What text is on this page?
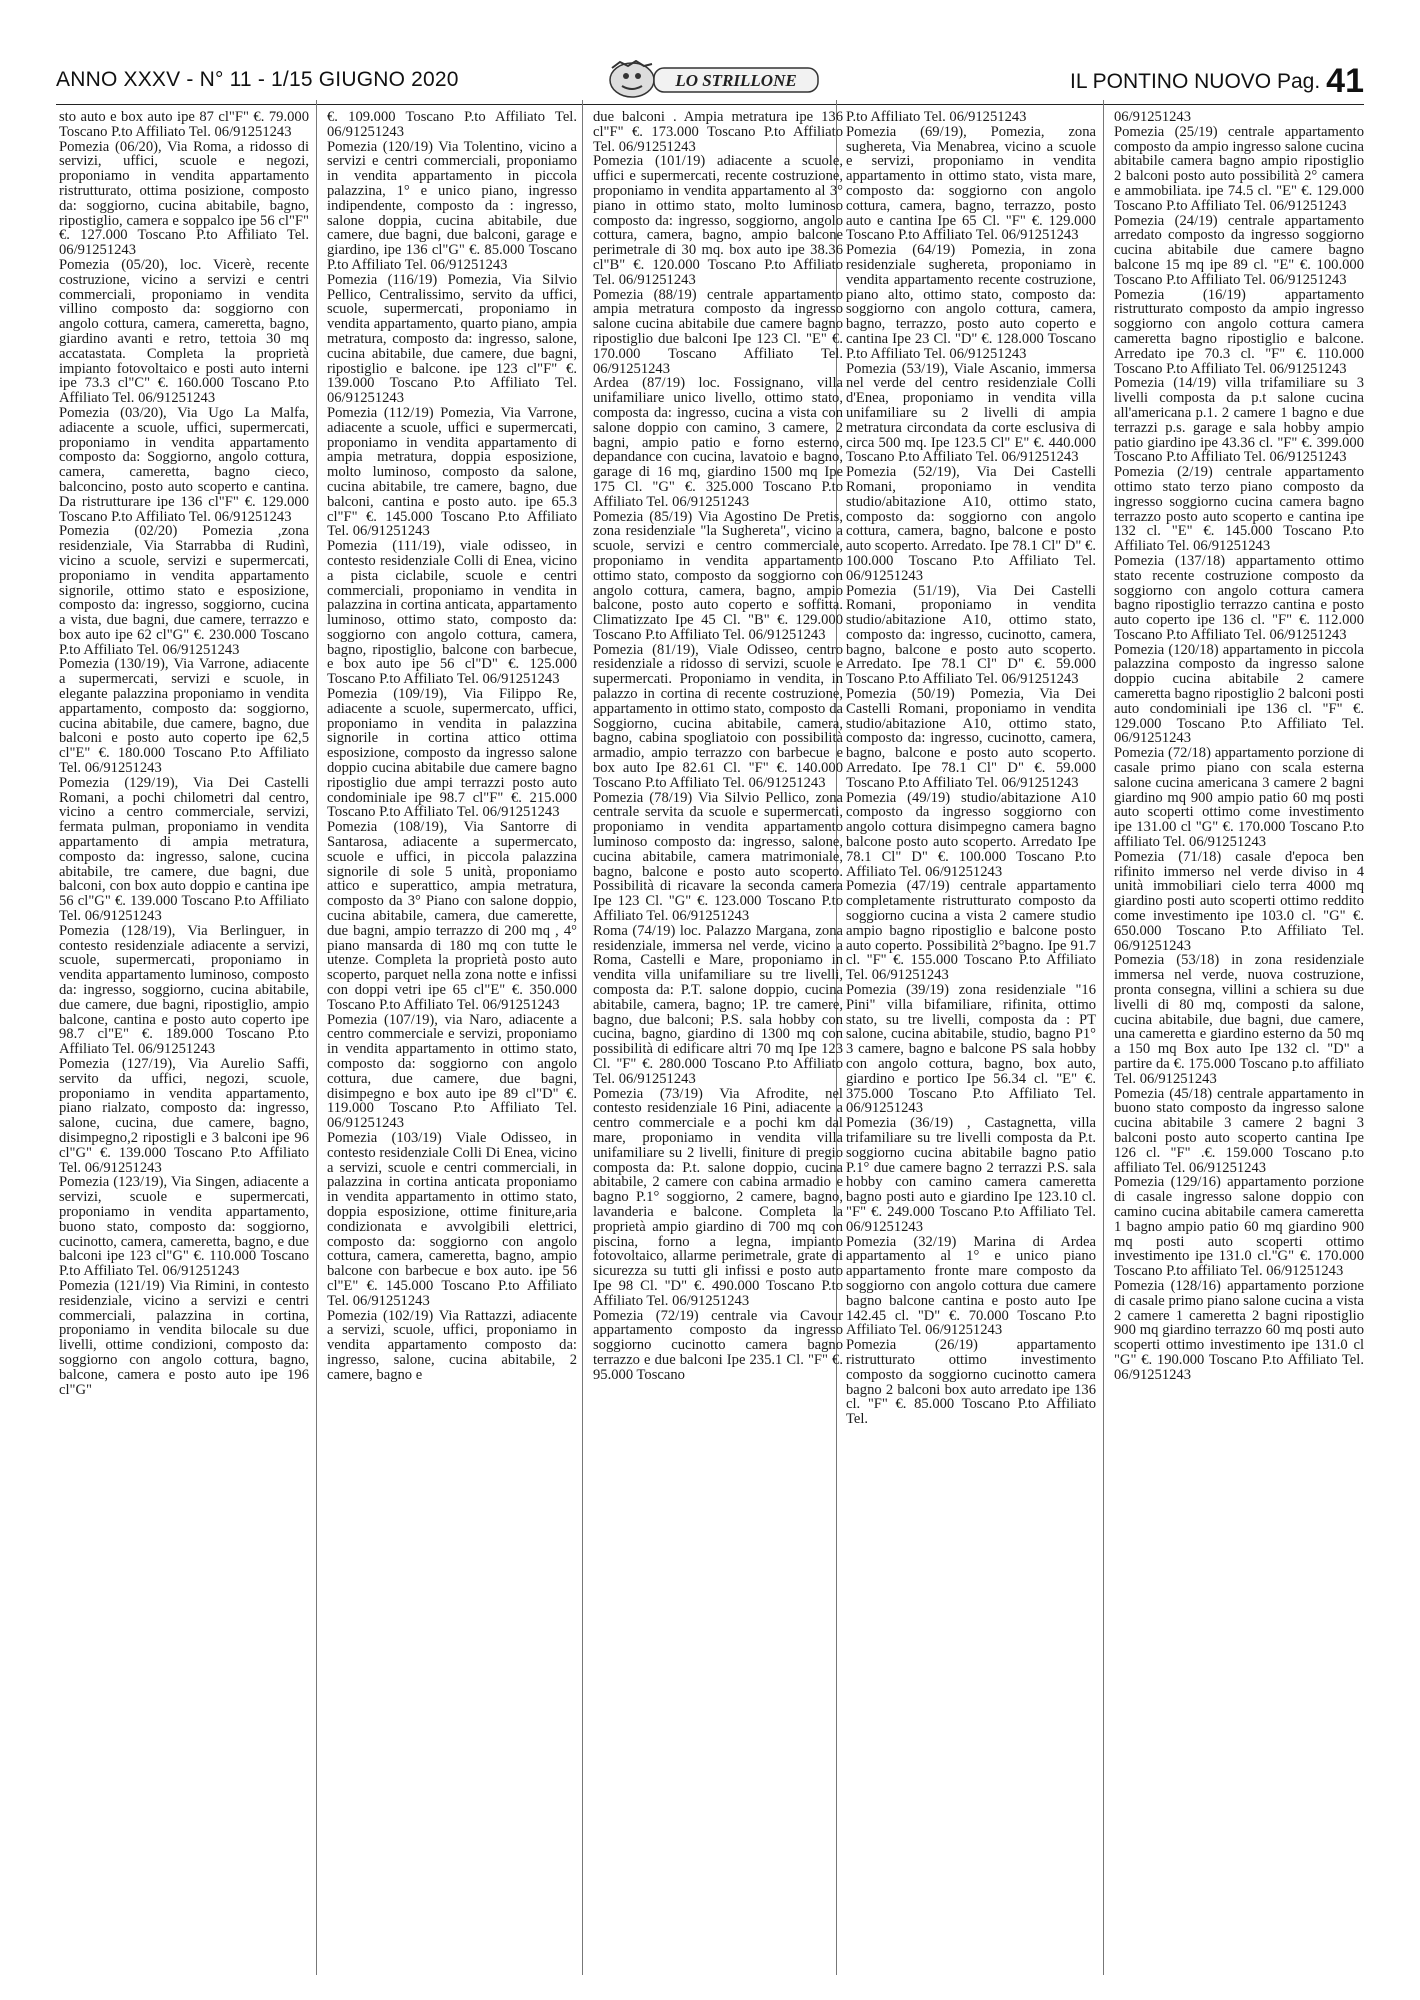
ANNO XXXV - N° 11 - 1/15 GIUGNO 2020	LO STRILLONE	IL PONTINO NUOVO Pag. 41

sto auto e box auto ipe 87 cl"F" €. 79.000 Toscano P.to Affiliato Tel. 06/91251243

Pomezia (06/20), Via Roma, a ridosso di servizi, uffici, scuole e negozi, proponiamo in vendita appartamento ristrutturato, ottima posizione, composto da: soggiorno, cucina abitabile, bagno, ripostiglio, camera e soppalco ipe 56 cl"F" €. 127.000 Toscano P.to Affiliato Tel. 06/91251243

Pomezia (05/20), loc. Vicerè, recente costruzione, vicino a servizi e centri commerciali, proponiamo in vendita villino composto da: soggiorno con angolo cottura, camera, cameretta, bagno, giardino avanti e retro, tettoia 30 mq accatastata. Completa la proprietà impianto fotovoltaico e posti auto interni ipe 73.3 cl"C" €. 160.000 Toscano P.to Affiliato Tel. 06/91251243

Pomezia (03/20), Via Ugo La Malfa, adiacente a scuole, uffici, supermercati, proponiamo in vendita appartamento composto da: Soggiorno, angolo cottura, camera, cameretta, bagno cieco, balconcino, posto auto scoperto e cantina. Da ristrutturare ipe 136 cl"F" €. 129.000 Toscano P.to Affiliato Tel. 06/91251243

Pomezia (02/20) Pomezia ,zona residenziale, Via Starrabba di Rudinì, vicino a scuole, servizi e supermercati, proponiamo in vendita appartamento signorile, ottimo stato e esposizione, composto da: ingresso, soggiorno, cucina a vista, due bagni, due camere, terrazzo e box auto ipe 62 cl"G" €. 230.000 Toscano P.to Affiliato Tel. 06/91251243

Pomezia (130/19), Via Varrone, adiacente a supermercati, servizi e scuole, in elegante palazzina proponiamo in vendita appartamento, composto da: soggiorno, cucina abitabile, due camere, bagno, due balconi e posto auto coperto ipe 62,5 cl"E" €. 180.000 Toscano P.to Affiliato Tel. 06/91251243

Pomezia (129/19), Via Dei Castelli Romani, a pochi chilometri dal centro, vicino a centro commerciale, servizi, fermata pulman, proponiamo in vendita appartamento di ampia metratura, composto da: ingresso, salone, cucina abitabile, tre camere, due bagni, due balconi, con box auto doppio e cantina ipe 56 cl"G" €. 139.000 Toscano P.to Affiliato Tel. 06/91251243

Pomezia (128/19), Via Berlinguer, in contesto residenziale adiacente a servizi, scuole, supermercati, proponiamo in vendita appartamento luminoso, composto da: ingresso, soggiorno, cucina abitabile, due camere, due bagni, ripostiglio, ampio balcone, cantina e posto auto coperto ipe 98.7 cl"E" €. 189.000 Toscano P.to Affiliato Tel. 06/91251243

Pomezia (127/19), Via Aurelio Saffi, servito da uffici, negozi, scuole, proponiamo in vendita appartamento, piano rialzato, composto da: ingresso, salone, cucina, due camere, bagno, disimpegno,2 ripostigli e 3 balconi ipe 96 cl"G" €. 139.000 Toscano P.to Affiliato Tel. 06/91251243

Pomezia (123/19), Via Singen, adiacente a servizi, scuole e supermercati, proponiamo in vendita appartamento, buono stato, composto da: soggiorno, cucinotto, camera, cameretta, bagno, e due balconi ipe 123 cl"G" €. 110.000 Toscano P.to Affiliato Tel. 06/91251243

Pomezia (121/19) Via Rimini, in contesto residenziale, vicino a servizi e centri commerciali, palazzina in cortina, proponiamo in vendita bilocale su due livelli, ottime condizioni, composto da: soggiorno con angolo cottura, bagno, balcone, camera e posto auto ipe 196 cl"G"

€. 109.000 Toscano P.to Affiliato Tel. 06/91251243

Pomezia (120/19) Via Tolentino, vicino a servizi e centri commerciali, proponiamo in vendita appartamento in piccola palazzina, 1° e unico piano, ingresso indipendente, composto da : ingresso, salone doppia, cucina abitabile, due camere, due bagni, due balconi, garage e giardino, ipe 136 cl"G" €. 85.000 Toscano P.to Affiliato Tel. 06/91251243

Pomezia (116/19) Pomezia, Via Silvio Pellico, Centralissimo, servito da uffici, scuole, supermercati, proponiamo in vendita appartamento, quarto piano, ampia metratura, composto da: ingresso, salone, cucina abitabile, due camere, due bagni, ripostiglio e balcone. ipe 123 cl"F" €. 139.000 Toscano P.to Affiliato Tel. 06/91251243

Pomezia (112/19) Pomezia, Via Varrone, adiacente a scuole, uffici e supermercati, proponiamo in vendita appartamento di ampia metratura, doppia esposizione, molto luminoso, composto da salone, cucina abitabile, tre camere, bagno, due balconi, cantina e posto auto. ipe 65.3 cl"F" €. 145.000 Toscano P.to Affiliato Tel. 06/91251243

Pomezia (111/19), viale odisseo, in contesto residenziale Colli di Enea, vicino a pista ciclabile, scuole e centri commerciali, proponiamo in vendita in palazzina in cortina anticata, appartamento luminoso, ottimo stato, composto da: soggiorno con angolo cottura, camera, bagno, ripostiglio, balcone con barbecue, e box auto ipe 56 cl"D" €. 125.000 Toscano P.to Affiliato Tel. 06/91251243

Pomezia (109/19), Via Filippo Re, adiacente a scuole, supermercato, uffici, proponiamo in vendita in palazzina signorile in cortina attico ottima esposizione, composto da ingresso salone doppio cucina abitabile due camere bagno ripostiglio due ampi terrazzi posto auto condominiale ipe 98.7 cl"F" €. 215.000 Toscano P.to Affiliato Tel. 06/91251243

Pomezia (108/19), Via Santorre di Santarosa, adiacente a supermercato, scuole e uffici, in piccola palazzina signorile di sole 5 unità, proponiamo attico e superattico, ampia metratura, composto da 3° Piano con salone doppio, cucina abitabile, camera, due camerette, due bagni, ampio terrazzo di 200 mq , 4° piano mansarda di 180 mq con tutte le utenze. Completa la proprietà posto auto scoperto, parquet nella zona notte e infissi con doppi vetri ipe 65 cl"E" €. 350.000 Toscano P.to Affiliato Tel. 06/91251243

Pomezia (107/19), via Naro, adiacente a centro commerciale e servizi, proponiamo in vendita appartamento in ottimo stato, composto da: soggiorno con angolo cottura, due camere, due bagni, disimpegno e box auto ipe 89 cl"D" €. 119.000 Toscano P.to Affiliato Tel. 06/91251243

Pomezia (103/19) Viale Odisseo, in contesto residenziale Colli Di Enea, vicino a servizi, scuole e centri commerciali, in palazzina in cortina anticata proponiamo in vendita appartamento in ottimo stato, doppia esposizione, ottime finiture,aria condizionata e avvolgibili elettrici, composto da: soggiorno con angolo cottura, camera, cameretta, bagno, ampio balcone con barbecue e box auto. ipe 56 cl"E" €. 145.000 Toscano P.to Affiliato Tel. 06/91251243

Pomezia (102/19) Via Rattazzi, adiacente a servizi, scuole, uffici, proponiamo in vendita appartamento composto da: ingresso, salone, cucina abitabile, 2 camere, bagno e

due balconi . Ampia metratura ipe 136 cl"F" €. 173.000 Toscano P.to Affiliato Tel. 06/91251243

Pomezia (101/19) adiacente a scuole, uffici e supermercati, recente costruzione, proponiamo in vendita appartamento al 3° piano in ottimo stato, molto luminoso composto da: ingresso, soggiorno, angolo cottura, camera, bagno, ampio balcone perimetrale di 30 mq. box auto ipe 38.36 cl"B" €. 120.000 Toscano P.to Affiliato Tel. 06/91251243

Pomezia (88/19) centrale appartamento ampia metratura composto da ingresso salone cucina abitabile due camere bagno ripostiglio due balconi Ipe 123 Cl. "E" €. 170.000 Toscano Affiliato Tel. 06/91251243

Ardea (87/19) loc. Fossignano, villa unifamiliare unico livello, ottimo stato, composta da: ingresso, cucina a vista con salone doppio con camino, 3 camere, 2 bagni, ampio patio e forno esterno, depandance con cucina, lavatoio e bagno, garage di 16 mq, giardino 1500 mq Ipe 175 Cl. "G" €. 325.000 Toscano P.to Affiliato Tel. 06/91251243

Pomezia (85/19) Via Agostino De Pretis, zona residenziale "la Sughereta", vicino a scuole, servizi e centro commerciale, proponiamo in vendita appartamento ottimo stato, composto da soggiorno con angolo cottura, camera, bagno, ampio balcone, posto auto coperto e soffitta. Climatizzato Ipe 45 Cl. "B" €. 129.000 Toscano P.to Affiliato Tel. 06/91251243

Pomezia (81/19), Viale Odisseo, centro residenziale a ridosso di servizi, scuole e supermercati. Proponiamo in vendita, in palazzo in cortina di recente costruzione, appartamento in ottimo stato, composto da Soggiorno, cucina abitabile, camera, bagno, cabina spogliatoio con possibilità armadio, ampio terrazzo con barbecue e box auto Ipe 82.61 Cl. "F" €. 140.000 Toscano P.to Affiliato Tel. 06/91251243

Pomezia (78/19) Via Silvio Pellico, zona centrale servita da scuole e supermercati, proponiamo in vendita appartamento luminoso composto da: ingresso, salone, cucina abitabile, camera matrimoniale, bagno, balcone e posto auto scoperto. Possibilità di ricavare la seconda camera Ipe 123 Cl. "G" €. 123.000 Toscano P.to Affiliato Tel. 06/91251243

Roma (74/19) loc. Palazzo Margana, zona residenziale, immersa nel verde, vicino a Roma, Castelli e Mare, proponiamo in vendita villa unifamiliare su tre livelli, composta da: P.T. salone doppio, cucina abitabile, camera, bagno; 1P. tre camere, bagno, due balconi; P.S. sala hobby con cucina, bagno, giardino di 1300 mq con possibilità di edificare altri 70 mq Ipe 123 Cl. "F" €. 280.000 Toscano P.to Affiliato Tel. 06/91251243

Pomezia (73/19) Via Afrodite, nel contesto residenziale 16 Pini, adiacente a centro commerciale e a pochi km dal mare, proponiamo in vendita villa unifamiliare su 2 livelli, finiture di pregio composta da: P.t. salone doppio, cucina abitabile, 2 camere con cabina armadio e bagno P.1° soggiorno, 2 camere, bagno, lavanderia e balcone. Completa la proprietà ampio giardino di 700 mq con piscina, forno a legna, impianto fotovoltaico, allarme perimetrale, grate di sicurezza su tutti gli infissi e posto auto Ipe 98 Cl. "D" €. 490.000 Toscano P.to Affiliato Tel. 06/91251243

Pomezia (72/19) centrale via Cavour appartamento composto da ingresso soggiorno cucinotto camera bagno terrazzo e due balconi Ipe 235.1 Cl. "F" €. 95.000 Toscano

P.to Affiliato Tel. 06/91251243

Pomezia (69/19), Pomezia, zona sughereta, Via Menabrea, vicino a scuole e servizi, proponiamo in vendita appartamento in ottimo stato, vista mare, composto da: soggiorno con angolo cottura, camera, bagno, terrazzo, posto auto e cantina Ipe 65 Cl. "F" €. 129.000 Toscano P.to Affiliato Tel. 06/91251243

Pomezia (64/19) Pomezia, in zona residenziale sughereta, proponiamo in vendita appartamento recente costruzione, piano alto, ottimo stato, composto da: soggiorno con angolo cottura, camera, bagno, terrazzo, posto auto coperto e cantina Ipe 23 Cl. "D" €. 128.000 Toscano P.to Affiliato Tel. 06/91251243

Pomezia (53/19), Viale Ascanio, immersa nel verde del centro residenziale Colli d'Enea, proponiamo in vendita villa unifamiliare su 2 livelli di ampia metratura circondata da corte esclusiva di circa 500 mq. Ipe 123.5 Cl" E" €. 440.000 Toscano P.to Affiliato Tel. 06/91251243

Pomezia (52/19), Via Dei Castelli Romani, proponiamo in vendita studio/abitazione A10, ottimo stato, composto da: soggiorno con angolo cottura, camera, bagno, balcone e posto auto scoperto. Arredato. Ipe 78.1 Cl" D" €. 100.000 Toscano P.to Affiliato Tel. 06/91251243

Pomezia (51/19), Via Dei Castelli Romani, proponiamo in vendita studio/abitazione A10, ottimo stato, composto da: ingresso, cucinotto, camera, bagno, balcone e posto auto scoperto. Arredato. Ipe 78.1 Cl" D" €. 59.000 Toscano P.to Affiliato Tel. 06/91251243

Pomezia (50/19) Pomezia, Via Dei Castelli Romani, proponiamo in vendita studio/abitazione A10, ottimo stato, composto da: ingresso, cucinotto, camera, bagno, balcone e posto auto scoperto. Arredato. Ipe 78.1 Cl" D" €. 59.000 Toscano P.to Affiliato Tel. 06/91251243

Pomezia (49/19) studio/abitazione A10 composto da ingresso soggiorno con angolo cottura disimpegno camera bagno balcone posto auto scoperto. Arredato Ipe 78.1 Cl" D" €. 100.000 Toscano P.to Affiliato Tel. 06/91251243

Pomezia (47/19) centrale appartamento completamente ristrutturato composto da soggiorno cucina a vista 2 camere studio ampio bagno ripostiglio e balcone posto auto coperto. Possibilità 2°bagno. Ipe 91.7 cl. "F" €. 155.000 Toscano P.to Affiliato Tel. 06/91251243

Pomezia (39/19) zona residenziale "16 Pini" villa bifamiliare, rifinita, ottimo stato, su tre livelli, composta da : PT salone, cucina abitabile, studio, bagno P1° 3 camere, bagno e balcone PS sala hobby con angolo cottura, bagno, box auto, giardino e portico Ipe 56.34 cl. "E" €. 375.000 Toscano P.to Affiliato Tel. 06/91251243

Pomezia (36/19) , Castagnetta, villa trifamiliare su tre livelli composta da P.t. soggiorno cucina abitabile bagno patio P.1° due camere bagno 2 terrazzi P.S. sala hobby con camino camera cameretta bagno posti auto e giardino Ipe 123.10 cl. "F" €. 249.000 Toscano P.to Affiliato Tel. 06/91251243

Pomezia (32/19) Marina di Ardea appartamento al 1° e unico piano appartamento fronte mare composto da soggiorno con angolo cottura due camere bagno balcone cantina e posto auto Ipe 142.45 cl. "D" €. 70.000 Toscano P.to Affiliato Tel. 06/91251243

Pomezia (26/19) appartamento ristrutturato ottimo investimento composto da soggiorno cucinotto camera bagno 2 balconi box auto arredato ipe 136 cl. "F" €. 85.000 Toscano P.to Affiliato Tel.

06/91251243

Pomezia (25/19) centrale appartamento composto da ampio ingresso salone cucina abitabile camera bagno ampio ripostiglio 2 balconi posto auto possibilità 2° camera e ammobiliata. ipe 74.5 cl. "E" €. 129.000 Toscano P.to Affiliato Tel. 06/91251243

Pomezia (24/19) centrale appartamento arredato composto da ingresso soggiorno cucina abitabile due camere bagno balcone 15 mq ipe 89 cl. "E" €. 100.000 Toscano P.to Affiliato Tel. 06/91251243

Pomezia (16/19) appartamento ristrutturato composto da ampio ingresso soggiorno con angolo cottura camera cameretta bagno ripostiglio e balcone. Arredato ipe 70.3 cl. "F" €. 110.000 Toscano P.to Affiliato Tel. 06/91251243

Pomezia (14/19) villa trifamiliare su 3 livelli composta da p.t salone cucina all'americana p.1. 2 camere 1 bagno e due terrazzi p.s. garage e sala hobby ampio patio giardino ipe 43.36 cl. "F" €. 399.000 Toscano P.to Affiliato Tel. 06/91251243

Pomezia (2/19) centrale appartamento ottimo stato terzo piano composto da ingresso soggiorno cucina camera bagno terrazzo posto auto scoperto e cantina ipe 132 cl. "E" €. 145.000 Toscano P.to Affiliato Tel. 06/91251243

Pomezia (137/18) appartamento ottimo stato recente costruzione composto da soggiorno con angolo cottura camera bagno ripostiglio terrazzo cantina e posto auto coperto ipe 136 cl. "F" €. 112.000 Toscano P.to Affiliato Tel. 06/91251243

Pomezia (120/18) appartamento in piccola palazzina composto da ingresso salone doppio cucina abitabile 2 camere cameretta bagno ripostiglio 2 balconi posti auto condominiali ipe 136 cl. "F" €. 129.000 Toscano P.to Affiliato Tel. 06/91251243

Pomezia (72/18) appartamento porzione di casale primo piano con scala esterna salone cucina americana 3 camere 2 bagni giardino mq 900 ampio patio 60 mq posti auto scoperti ottimo come investimento ipe 131.00 cl "G" €. 170.000 Toscano P.to affiliato Tel. 06/91251243

Pomezia (71/18) casale d'epoca ben rifinito immerso nel verde diviso in 4 unità immobiliari cielo terra 4000 mq giardino posti auto scoperti ottimo reddito come investimento ipe 103.0 cl. "G" €. 650.000 Toscano P.to Affiliato Tel. 06/91251243

Pomezia (53/18) in zona residenziale immersa nel verde, nuova costruzione, pronta consegna, villini a schiera su due livelli di 80 mq, composti da salone, cucina abitabile, due bagni, due camere, una cameretta e giardino esterno da 50 mq a 150 mq Box auto Ipe 132 cl. "D" a partire da €. 175.000 Toscano p.to affiliato Tel. 06/91251243

Pomezia (45/18) centrale appartamento in buono stato composto da ingresso salone cucina abitabile 3 camere 2 bagni 3 balconi posto auto scoperto cantina Ipe 126 cl. "F" .€. 159.000 Toscano p.to affiliato Tel. 06/91251243

Pomezia (129/16) appartamento porzione di casale ingresso salone doppio con camino cucina abitabile camera cameretta 1 bagno ampio patio 60 mq giardino 900 mq posti auto scoperti ottimo investimento ipe 131.0 cl."G" €. 170.000 Toscano P.to affiliato Tel. 06/91251243

Pomezia (128/16) appartamento porzione di casale primo piano salone cucina a vista 2 camere 1 cameretta 2 bagni ripostiglio 900 mq giardino terrazzo 60 mq posti auto scoperti ottimo investimento ipe 131.0 cl "G" €. 190.000 Toscano P.to Affiliato Tel. 06/91251243
